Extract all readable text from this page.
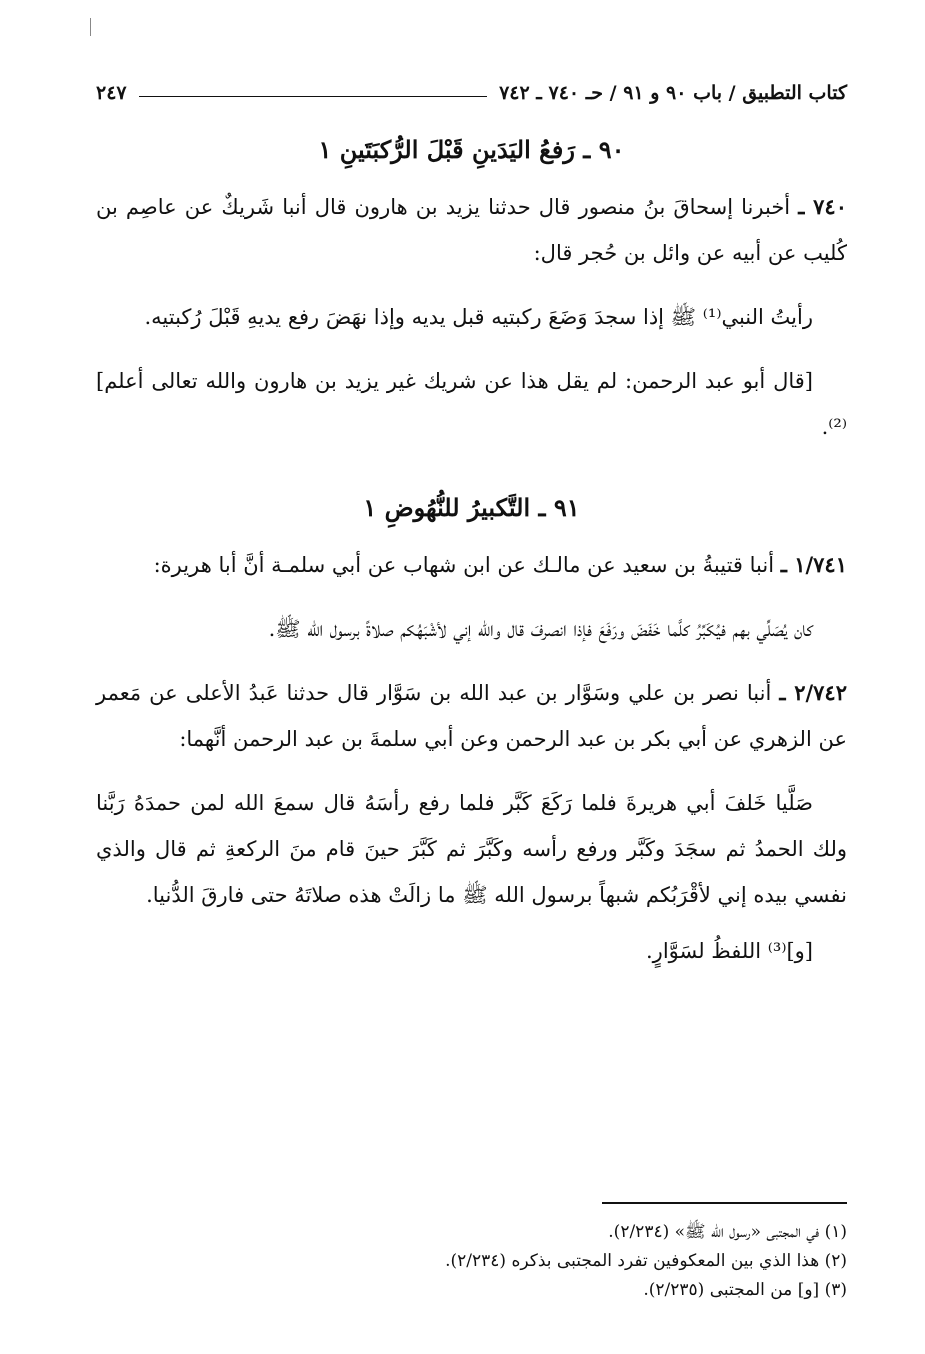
كتاب التطبيق / باب ٩٠ و ٩١ / حـ ٧٤٠ ـ ٧٤٢
٢٤٧
٩٠ ـ رَفعُ اليَدَينِ قَبْلَ الرُّكبَتَينِ ١

٧٤٠ ـ أخبرنا إسحاقَ بنُ منصور قال حدثنا يزيد بن هارون قال أنبا شَريكٌ عن عاصِم بن كُليب عن أبيه عن وائل بن حُجر قال:

رأيتُ النبي⁽¹⁾ ﷺ إذا سجدَ وَضَعَ ركبتيه قبل يديه وإذا نهَضَ رفع يديهِ قَبْلَ رُكبتيه.

[قال أبو عبد الرحمن: لم يقل هذا عن شريك غير يزيد بن هارون والله تعالى أعلم]⁽²⁾.

٩١ ـ التَّكبيرُ للنُّهُوضِ ١

١/٧٤١ ـ أنبا قتيبةُ بن سعيد عن مالـك عن ابن شهاب عن أبي سلمـة أنَّ أبا هريرة:

كان يُصَلِّي بهم فيُكَبِّرُ كلَّما خَفَضَ ورَفَعَ فإذا انصرفَ قال والله إني لأشْبَهُكم صلاةً برسول الله ﷺ.

٢/٧٤٢ ـ أنبا نصر بن علي وسَوَّار بن عبد الله بن سَوَّار قال حدثنا عَبدُ الأعلى عن مَعمر عن الزهري عن أبي بكر بن عبد الرحمن وعن أبي سلمةَ بن عبد الرحمن أنَّهما:

صَلَّيا خَلفَ أبي هريرةَ فلما رَكَعَ كَبَّر فلما رفع رأسَهُ قال سمعَ الله لمن حمدَهُ رَبَّنا ولك الحمدُ ثم سجَدَ وكَبَّر ورفع رأسه وكَبَّرَ ثم كَبَّرَ حينَ قام منَ الركعةِ ثم قال والذي نفسي بيده إني لأقْرَبُكم شبهاً برسول الله ﷺ ما زالَتْ هذه صلاتَهُ حتى فارقَ الدُّنيا.

[و]⁽³⁾ اللفظُ لسَوَّارٍ.

(١) في المجتبى «رسول الله ﷺ» (٢/٢٣٤).

(٢) هذا الذي بين المعكوفين تفرد المجتبى بذكره (٢/٢٣٤).

(٣) [و] من المجتبى (٢/٢٣٥).
